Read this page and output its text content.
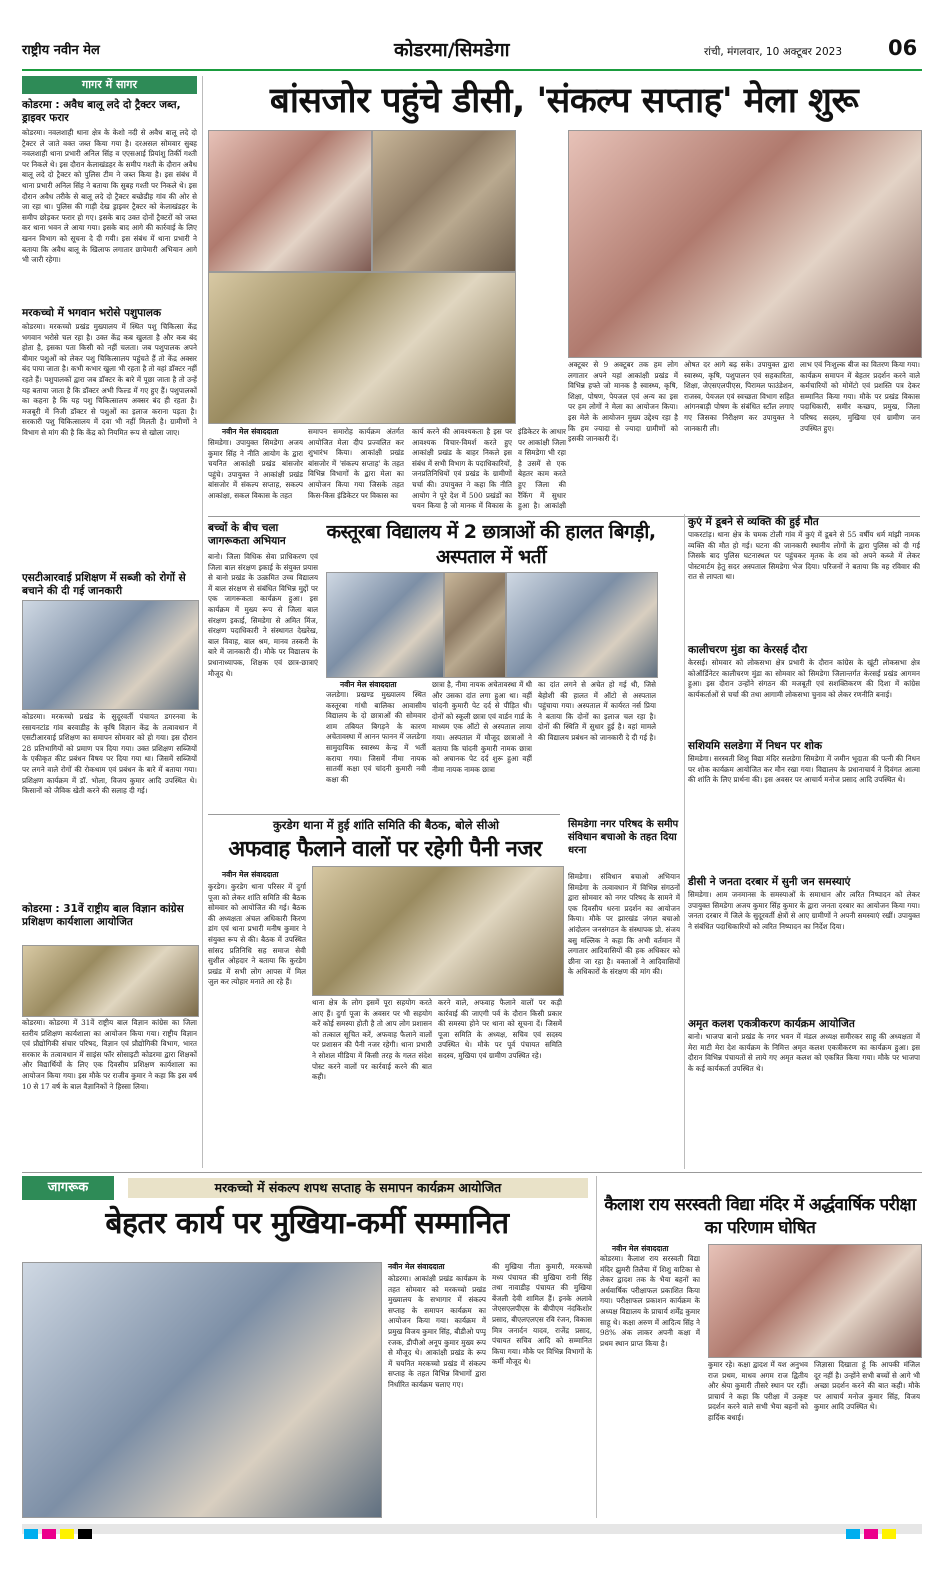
राष्ट्रीय नवीन मेल	कोडरमा/सिमडेगा	रांची, मंगलवार, 10 अक्टूबर 2023 06
गागर में सागर
कोडरमा : अवैध बालू लदे दो ट्रैक्टर जब्त, ड्राइवर फरार
कोडरमा। नवलशाही थाना क्षेत्र के केशो नदी से अवैध बालू लदे दो ट्रैक्टर ले जाते वक्त जब्त किया गया है। दरअसल सोमवार सुबह नवलशाही थाना प्रभारी अनिल सिंह व एएसआई प्रियांशु तिर्की गश्ती पर निकले थे। इस दौरान केलाखंडहर के समीप गश्ती के दौरान अवैध बालू लदे दो ट्रैक्टर को पुलिस टीम ने जब्त किया है। इस संबंध में थाना प्रभारी अनिल सिंह ने बताया कि सुबह गश्ती पर निकले थे। इस दौरान अवैध तरीके से बालू लदे दो ट्रैक्टर बच्छेडीह गांव की ओर से जा रहा था। पुलिस की गाड़ी देख ड्राइवर ट्रैक्टर को केलाखंडहर के समीप छोड़कर फरार हो गए। इसके बाद उक्त दोनों ट्रैक्टरों को जब्त कर थाना भवन ले आया गया। इसके बाद आगे की कार्रवाई के लिए खनन विभाग को सूचना दे दी गयी। इस संबंध में थाना प्रभारी ने बताया कि अवैध बालू के खिलाफ लगातार छापेमारी अभियान आगे भी जारी रहेगा।
मरकच्चो में भगवान भरोसे पशुपालक
कोडरमा। मरकच्चो प्रखंड मुख्यालय में स्थित पशु चिकित्सा केंद्र भगवान भरोसे चल रहा है। उक्त केंद्र कब खुलता है और कब बंद होता है, इसका पता किसी को नहीं चलता। जब पशुपालक अपने बीमार पशुओं को लेकर पशु चिकित्सालय पहुंचते हैं तो केंद्र अक्सर बंद पाया जाता है। कभी कभार खुला भी रहता है तो वहां डॉक्टर नहीं रहते हैं। पशुपालकों द्वारा जब डॉक्टर के बारे में पूछा जाता है तो उन्हें यह बताया जाता है कि डॉक्टर अभी फिल्ड में गए हुए हैं। पशुपालकों का कहना है कि यह पशु चिकित्सालय अक्सर बंद ही रहता है। मजबूरी में निजी डॉक्टर से पशुओं का इलाज कराना पड़ता है। सरकारी पशु चिकित्सालय में दवा भी नहीं मिलती है। ग्रामीणों ने विभाग से मांग की है कि केंद्र को नियमित रूप से खोला जाए।
एसटीआरवाई प्रशिक्षण में सब्जी को रोगों से बचाने की दी गई जानकारी
कोडरमा। मरकच्चो प्रखंड के सुदूरवर्ती पंचायत डगरनवा के रसायनटांड गांव बरवाडीह के कृषि विज्ञान केंद्र के तत्वावधान में एसटीआरवाई प्रशिक्षण का समापन सोमवार को हो गया। इस दौरान 28 प्रतिभागियों को प्रमाण पत्र दिया गया। उक्त प्रशिक्षण सब्जियों के एकीकृत कीट प्रबंधन विषय पर दिया गया था। जिसमें सब्जियों पर लगने वाले रोगों की रोकथाम एवं प्रबंधन के बारे में बताया गया। प्रशिक्षण कार्यक्रम में डॉ. भोला, विजय कुमार आदि उपस्थित थे। किसानों को जैविक खेती करने की सलाह दी गई।
कोडरमा : 31वें राष्ट्रीय बाल विज्ञान कांग्रेस प्रशिक्षण कार्यशाला आयोजित
कोडरमा। कोडरमा में 31वें राष्ट्रीय बाल विज्ञान कांग्रेस का जिला स्तरीय प्रशिक्षण कार्यशाला का आयोजन किया गया। राष्ट्रीय विज्ञान एवं प्रौद्योगिकी संचार परिषद, विज्ञान एवं प्रौद्योगिकी विभाग, भारत सरकार के तत्वावधान में साइंस फॉर सोसाइटी कोडरमा द्वारा शिक्षकों और विद्यार्थियों के लिए एक दिवसीय प्रशिक्षण कार्यशाला का आयोजन किया गया। इस मौके पर राजीव कुमार ने कहा कि इस वर्ष 10 से 17 वर्ष के बाल वैज्ञानिकों ने हिस्सा लिया।
बांसजोर पहुंचे डीसी, 'संकल्प सप्ताह' मेला शुरू
नवीन मेल संवाददाता
सिमडेगा। उपायुक्त सिमडेगा अजय कुमार सिंह ने नीति आयोग के द्वारा चयनित आकांक्षी प्रखंड बांसजोर पहुंचे। उपायुक्त ने आकांक्षी प्रखंड बांसजोर में संकल्प सप्ताह, सकल्प आकांक्षा, सकल विकास के तहत
समापन समारोह कार्यक्रम अंतर्गत आयोजित मेला दीप प्रज्वलित कर शुभारंभ किया। आकांक्षी प्रखंड बांसजोर में 'संकल्प सप्ताह' के तहत विभिन्न विभागों के द्वारा मेला का आयोजन किया गया जिसके तहत किस-किस इंडिकेटर पर विकास का
कार्य करने की आवश्यकता है इस पर आवश्यक विचार-विमर्श करते हुए आकांक्षी प्रखंड के बाहर निकले इस संबंध में सभी विभाग के पदाधिकारियों, जनप्रतिनिधियों एवं प्रखंड के ग्रामीणों चर्चा की। उपायुक्त ने कहा कि नीति आयोग ने पूरे देश में 500 प्रखंडों का चयन किया है जो मानक में विकास के
इंडिकेटर के आधार पर आकांक्षी जिला व सिमडेगा भी रहा है उसमें से एक बेहतर काम करते हुए जिला की रैंकिंग में सुधार हुआ है। आकांक्षी
अक्टूबर से 9 अक्टूबर तक हम लोग लगातार अपने यहां आकांक्षी प्रखंड में विभिन्न हफ्ते जो मानक है स्वास्थ्य, कृषि, शिक्षा, पोषण, पेयजल एवं अन्य का इस पर हम लोगों ने मेला का आयोजन किया। इस मेले के आयोजन मुख्य उद्देश्य रहा है कि हम ज्यादा से ज्यादा ग्रामीणों को इसकी जानकारी दें।
ओषत दर आगे बढ़ सके। उपायुक्त द्वारा स्वास्थ्य, कृषि, पशुपालन एवं सहकारिता, शिक्षा, जेएसएलपीएस, पिरामल फाउंडेशन, राजस्व, पेयजल एवं स्वच्छता विभाग सहित आंगनबाड़ी पोषण के संबंधित स्टॉल लगाए गए जिसका निरीक्षण कर उपायुक्त ने जानकारी ली।
लाभ एवं निःशुल्क बीज का वितरण किया गया। कार्यक्रम समापन में बेहतर प्रदर्शन करने वाले कर्मचारियों को मोमेंटो एवं प्रशस्ति पत्र देकर सम्मानित किया गया। मौके पर प्रखंड विकास पदाधिकारी, समीर कच्छप, प्रमुख, जिला परिषद सदस्य, मुखिया एवं ग्रामीण जन उपस्थित हुए।
बच्चों के बीच चला जागरूकता अभियान
बानो। जिला विधिक सेवा प्राधिकरण एवं जिला बाल संरक्षण इकाई के संयुक्त प्रयास से बानो प्रखंड के उत्क्रमित उच्च विद्यालय में बाल संरक्षण से संबंधित विभिन्न मुद्दों पर एक जागरूकता कार्यक्रम हुआ। इस कार्यक्रम में मुख्य रूप से जिला बाल संरक्षण इकाई, सिमडेगा से अमित मिंज, संरक्षण पदाधिकारी ने संस्थागत देखरेख, बाल विवाह, बाल श्रम, मानव तस्करी के बारे में जानकारी दी। मौके पर विद्यालय के प्रधानाध्यापक, शिक्षक एवं छात्र-छात्राएं मौजूद थे।
कस्तूरबा विद्यालय में 2 छात्राओं की हालत बिगड़ी, अस्पताल में भर्ती
नवीन मेल संवाददाता
जलडेगा। प्रखण्ड मुख्यालय स्थित कस्तूरबा गांधी बालिका आवासीय विद्यालय के दो छात्राओं की सोमवार शाम तबियत बिगड़ने के कारण अचेतावस्था में आनन फानन में जलडेगा सामुदायिक स्वास्थ्य केन्द्र में भर्ती कराया गया। जिसमें नीमा नायक सातवीं कक्षा एवं चांदनी कुमारी नवी कक्षा की
छात्रा है, नीमा नायक अचेतावस्था में थी और उसका दांत लगा हुआ था। वहीं चांदनी कुमारी पेट दर्द से पीड़ित थी। दोनों को स्कूली छात्रा एवं वार्डन गार्ड के माध्यम एक ऑटो से अस्पताल लाया गया। अस्पताल में मौजूद छात्राओं ने बताया कि चांदनी कुमारी नामक छात्रा को अचानक पेट दर्द शुरू हुआ वहीं नीमा नायक नामक छात्रा
का दांत लगने से अचेत हो गई थी, जिसे बेहोशी की हालत में ऑटो से अस्पताल पहुंचाया गया। अस्पताल में कार्यरत नर्स प्रिया ने बताया कि दोनों का इलाज चल रहा है। दोनों की स्थिति में सुधार हुई है। वहां मामले की विद्यालय प्रबंधन को जानकारी दे दी गई है।
कुरडेग थाना में हुई शांति समिति की बैठक, बोले सीओ
अफवाह फैलाने वालों पर रहेगी पैनी नजर
नवीन मेल संवाददाता
कुरडेग। कुरडेग थाना परिसर में दुर्गा पूजा को लेकर शांति समिति की बैठक सोमवार को आयोजित की गई। बैठक की अध्यक्षता अंचल अधिकारी किरण डांग एवं थाना प्रभारी मनीष कुमार ने संयुक्त रूप से की। बैठक में उपस्थित सांसद प्रतिनिधि सह समाज सेवी सुशील ओहदार ने बताया कि कुरडेग प्रखंड में सभी लोग आपस में मिल जुल कर त्योहार मनाते आ रहे हैं।
थाना क्षेत्र के लोग इसमें पूरा सहयोग करते आए हैं। दुर्गा पूजा के अवसर पर भी सहयोग करें कोई समस्या होती है तो आप लोग प्रशासन को तत्काल सूचित करें, अफवाह फैलाने वालों पर प्रशासन की पैनी नजर रहेगी। थाना प्रभारी ने सोशल मीडिया में किसी तरह के गलत संदेश पोस्ट करने वालों पर कार्रवाई करने की बात कही।
करने वाले, अफवाह फैलाने वालों पर कड़ी कार्रवाई की जाएगी पर्व के दौरान किसी प्रकार की समस्या होने पर थाना को सूचना दें। जिसमें पूजा समिति के अध्यक्ष, सचिव एवं सदस्य उपस्थित थे। मौके पर पूर्व पंचायत समिति सदस्य, मुखिया एवं ग्रामीण उपस्थित रहे।
सिमडेगा नगर परिषद के समीप संविधान बचाओ के तहत दिया धरना
सिमडेगा। संविधान बचाओ अभियान सिमडेगा के तत्वावधान में विभिन्न संगठनों द्वारा सोमवार को नगर परिषद के सामने में एक दिवसीय धरना प्रदर्शन का आयोजन किया। मौके पर झारखंड जंगल बचाओ आंदोलन जनसंगठन के संस्थापक प्रो. संजय बसु मल्लिक ने कहा कि अभी वर्तमान में लगातार आदिवासियों की हक अधिकार को छीना जा रहा है। वक्ताओं ने आदिवासियों के अधिकारों के संरक्षण की मांग की।
कुएं में डूबने से व्यक्ति की हुई मौत
पाकरटांड़। थाना क्षेत्र के चमक टोली गांव में कुएं में डूबने से 55 वर्षीय धर्म मांझी नामक व्यक्ति की मौत हो गई। घटना की जानकारी स्थानीय लोगों के द्वारा पुलिस को दी गई जिसके बाद पुलिस घटनास्थल पर पहुंचकर मृतक के शव को अपने कब्जे में लेकर पोस्टमार्टम हेतु सदर अस्पताल सिमडेगा भेज दिया। परिजनों ने बताया कि वह रविवार की रात से लापता था।
कालीचरण मुंडा का केरसई दौरा
केरसई। सोमवार को लोकसभा क्षेत्र प्रभारी के दौरान कांग्रेस के खूंटी लोकसभा क्षेत्र कोऑर्डिनेटर कालीचरण मुंडा का सोमवार को सिमडेगा जिलान्तर्गत केरसई प्रखंड आगमन हुआ। इस दौरान उन्होंने संगठन की मजबूती एवं सशक्तिकरण की दिशा में कांग्रेस कार्यकर्ताओं से चर्चा की तथा आगामी लोकसभा चुनाव को लेकर रणनीति बनाई।
सशियमि सलडेगा में निधन पर शोक
सिमडेगा। सरस्वती शिशु विद्या मंदिर सलडेगा सिमडेगा में जमीन भूदाता की पत्नी की निधन पर शोक कार्यक्रम आयोजित कर मौन रखा गया। विद्यालय के प्रधानाचार्य ने दिवंगत आत्मा की शांति के लिए प्रार्थना की। इस अवसर पर आचार्य मनोज प्रसाद आदि उपस्थित थे।
डीसी ने जनता दरबार में सुनी जन समस्याएं
सिमडेगा। आम जनमानस के समस्याओं के समाधान और त्वरित निष्पादन को लेकर उपायुक्त सिमडेगा अजय कुमार सिंह कुमार के द्वारा जनता दरबार का आयोजन किया गया। जनता दरबार में जिले के सुदूरवर्ती क्षेत्रों से आए ग्रामीणों ने अपनी समस्याएं रखीं। उपायुक्त ने संबंधित पदाधिकारियों को त्वरित निष्पादन का निर्देश दिया।
अमृत कलश एकत्रीकरण कार्यक्रम आयोजित
बानो। भाजपा बानो प्रखंड के नगर भवन में मंडल अध्यक्ष समीरकर साहू की अध्यक्षता में मेरा माटी मेरा देश कार्यक्रम के निमित्त अमृत कलश एकत्रीकरण का कार्यक्रम हुआ। इस दौरान विभिन्न पंचायतों से लाये गए अमृत कलश को एकत्रित किया गया। मौके पर भाजपा के कई कार्यकर्ता उपस्थित थे।
जागरूक	मरकच्चो में संकल्प शपथ सप्ताह के समापन कार्यक्रम आयोजित
बेहतर कार्य पर मुखिया-कर्मी सम्मानित
नवीन मेल संवाददाता
कोडरमा। आकांक्षी प्रखंड कार्यक्रम के तहत सोमवार को मरकच्चो प्रखंड मुख्यालय के सभागार में संकल्प सप्ताह के समापन कार्यक्रम का आयोजन किया गया। कार्यक्रम में प्रमुख विजय कुमार सिंह, बीडीओ पप्पू रजक, डीपीओ अनूप कुमार मुख्य रूप से मौजूद थे। आकांक्षी प्रखंड के रूप में चयनित मरकच्चो प्रखंड में संकल्प सप्ताह के तहत विभिन्न विभागों द्वारा निर्धारित कार्यक्रम चलाए गए।
की मुखिया नीता कुमारी, मरकच्चो मध्य पंचायत की मुखिया रानी सिंह तथा नावाडीह पंचायत की मुखिया बेंजली देवी शामिल हैं। इनके अलावे जेएसएलपीएस के बीपीएम नंदकिशोर प्रसाद, बीएलएलएस रवि रंजन, विकास मित्र जनार्दन यादव, राजेंद्र प्रसाद, पंचायत सचिव आदि को सम्मानित किया गया। मौके पर विभिन्न विभागों के कर्मी मौजूद थे।
कैलाश राय सरस्वती विद्या मंदिर में अर्द्धवार्षिक परीक्षा का परिणाम घोषित
नवीन मेल संवाददाता
कोडरमा। कैलाश राय सरस्वती विद्या मंदिर झुमरी तिलैया में शिशु वाटिका से लेकर द्वादश तक के भैया बहनों का अर्धवार्षिक परीक्षाफल प्रकाशित किया गया। परीक्षाफल प्रकाशन कार्यक्रम के अध्यक्ष विद्यालय के प्राचार्य शर्मेंद्र कुमार साहू थे। कक्षा अरुण में आदित्य सिंह ने 98% अंक लाकर अपनी कक्षा में प्रथम स्थान प्राप्त किया है।
कुमार रहे। कक्षा द्वादश में यश अनुभव राज प्रथम, माधव अगम राज द्वितीय और श्रेया कुमारी तीसरे स्थान पर रहीं। प्राचार्य ने कहा कि परीक्षा में उत्कृष्ट प्रदर्शन करने वाले सभी भैया बहनों को हार्दिक बधाई।
जिज्ञासा दिखाता हूं कि आपकी मंजिल दूर नहीं है। उन्होंने सभी बच्चों से आगे भी अच्छा प्रदर्शन करने की बात कही। मौके पर आचार्य मनोज कुमार सिंह, विजय कुमार आदि उपस्थित थे।
